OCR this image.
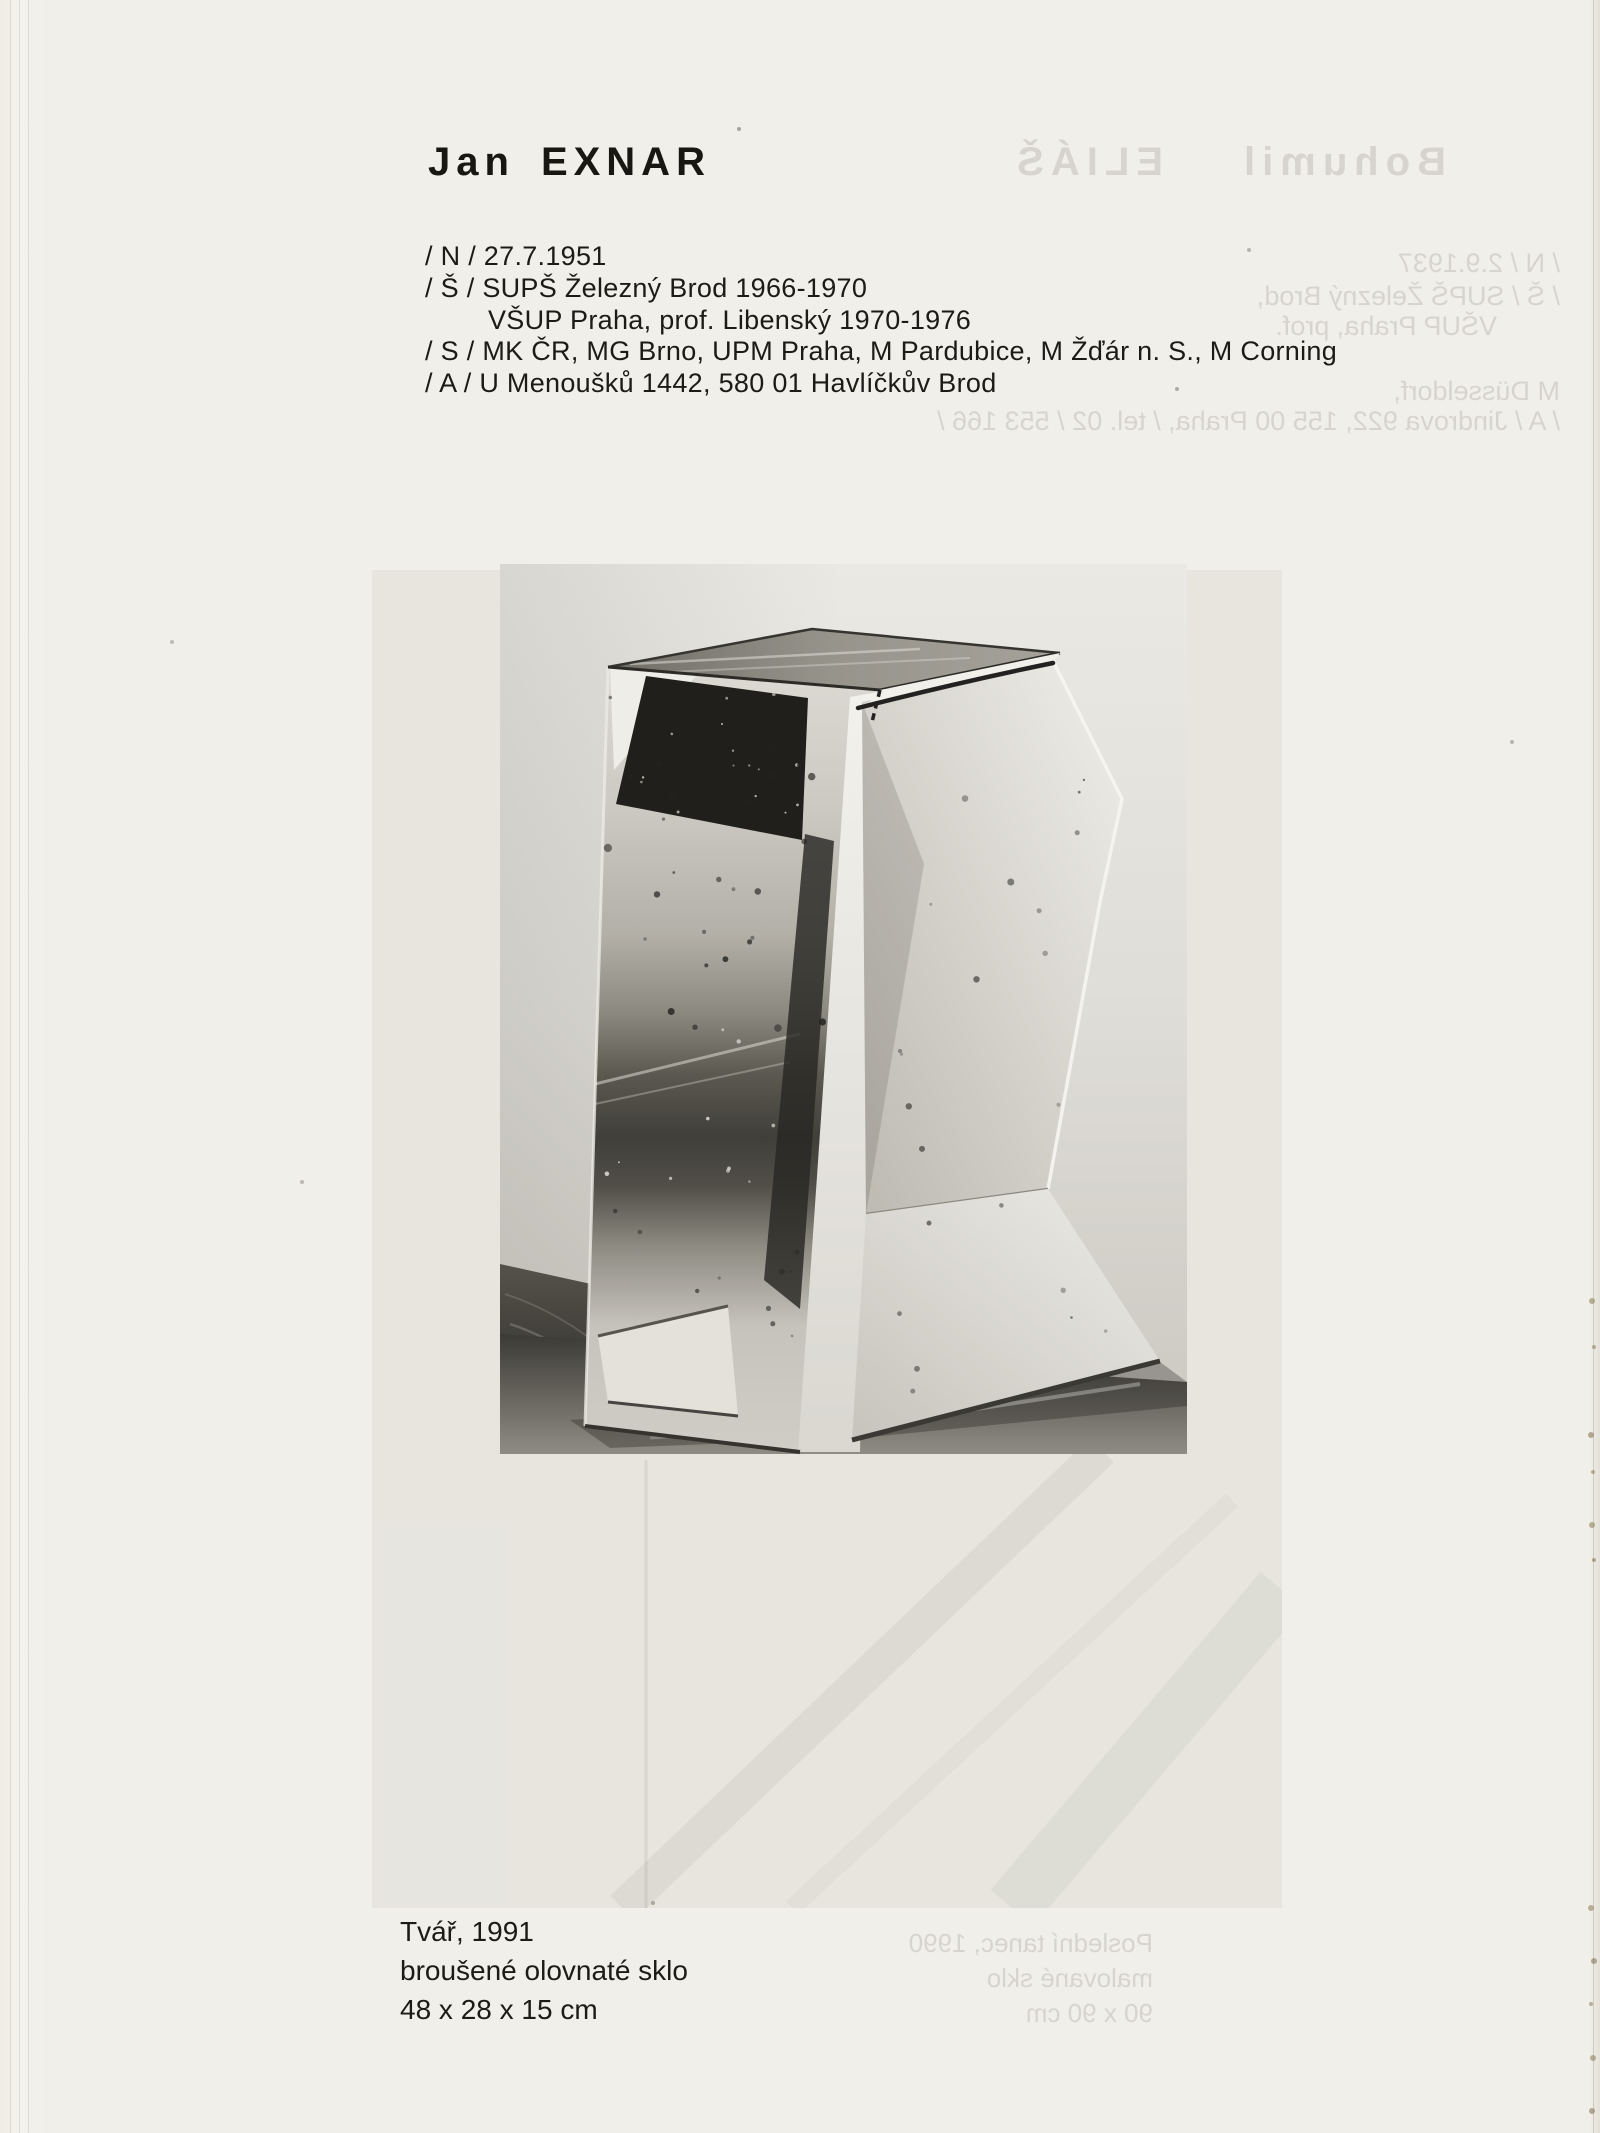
BohumilELIÁŠ
/ N / 2.9.1937
/ Š / SUPŠ Železný Brod,
VŠUP Praha, prof.
M Düsseldorf,
/ A / Jindrova 922, 155 00 Praha, / tel. 02 / 553 166 /
Poslední tanec, 1990
malované sklo
90 x 90 cm
Jan EXNAR
/ N / 27.7.1951
/ Š / SUPŠ Železný Brod 1966-1970
VŠUP Praha, prof. Libenský 1970-1976
/ S / MK ČR, MG Brno, UPM Praha, M Pardubice, M Žďár n. S., M Corning
/ A / U Menoušků 1442, 580 01 Havlíčkův Brod
Tvář, 1991
broušené olovnaté sklo
48 x 28 x 15 cm
